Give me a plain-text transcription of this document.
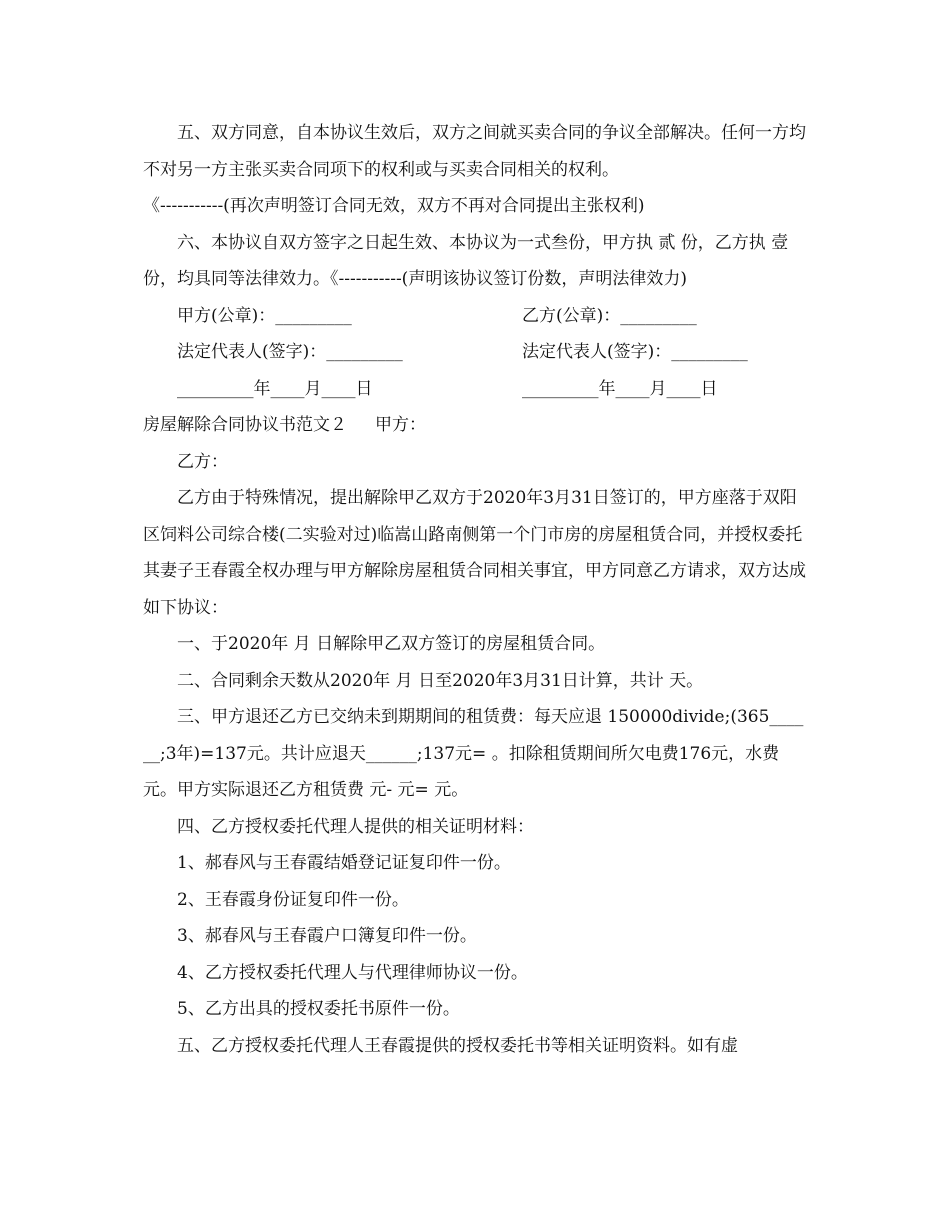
五、双方同意，自本协议生效后，双方之间就买卖合同的争议全部解决。任何一方均不对另一方主张买卖合同项下的权利或与买卖合同相关的权利。

《-----------(再次声明签订合同无效，双方不再对合同提出主张权利)

六、本协议自双方签字之日起生效、本协议为一式叁份，甲方执 贰 份，乙方执 壹 份，均具同等法律效力。《-----------(声明该协议签订份数，声明法律效力)

甲方(公章)：_________	乙方(公章)：_________
法定代表人(签字)：_________	法定代表人(签字)：_________
_________年____月____日	_________年____月____日

房屋解除合同协议书范文２ 甲方：

乙方：

乙方由于特殊情况，提出解除甲乙双方于2020年3月31日签订的，甲方座落于双阳区饲料公司综合楼(二实验对过)临嵩山路南侧第一个门市房的房屋租赁合同，并授权委托其妻子王春霞全权办理与甲方解除房屋租赁合同相关事宜，甲方同意乙方请求，双方达成如下协议：

一、于2020年 月 日解除甲乙双方签订的房屋租赁合同。

二、合同剩余天数从2020年 月 日至2020年3月31日计算，共计 天。

三、甲方退还乙方已交纳未到期期间的租赁费：每天应退 150000divide;(365______;3年)=137元。共计应退天______;137元= 。扣除租赁期间所欠电费176元，水费 元。甲方实际退还乙方租赁费 元- 元= 元。

四、乙方授权委托代理人提供的相关证明材料：

1、郝春风与王春霞结婚登记证复印件一份。

2、王春霞身份证复印件一份。

3、郝春风与王春霞户口簿复印件一份。

4、乙方授权委托代理人与代理律师协议一份。

5、乙方出具的授权委托书原件一份。

五、乙方授权委托代理人王春霞提供的授权委托书等相关证明资料。如有虚
